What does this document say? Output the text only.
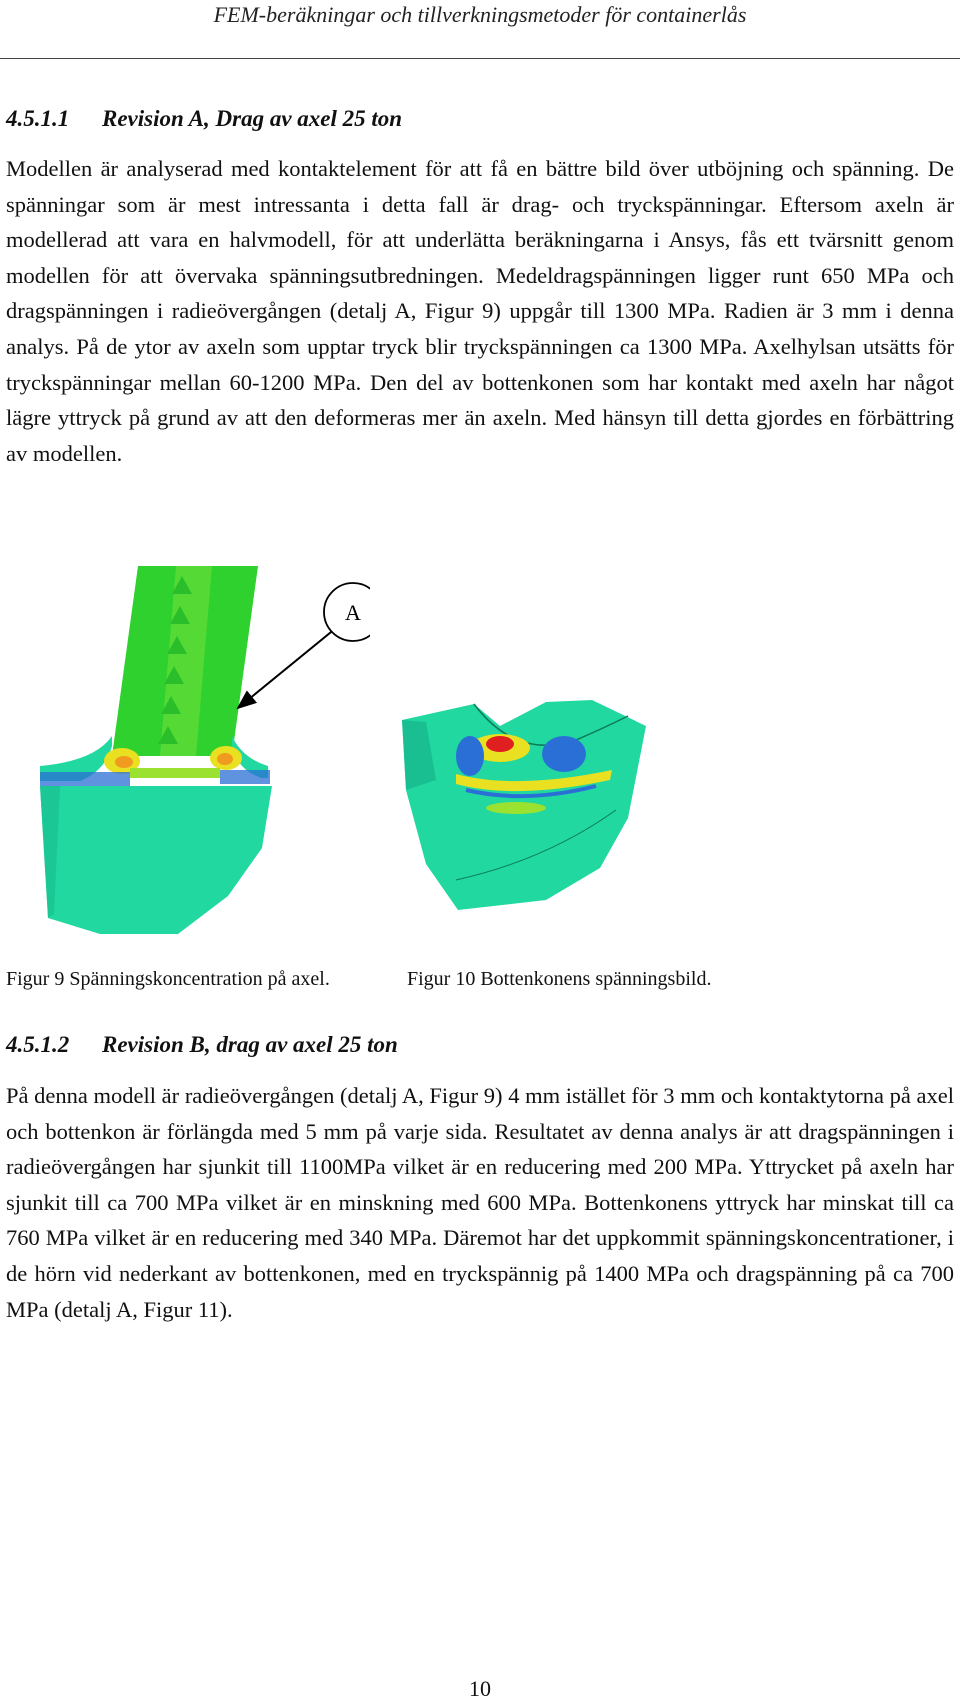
FEM-beräkningar och tillverkningsmetoder för containerlås
4.5.1.1 Revision A, Drag av axel 25 ton

Modellen är analyserad med kontaktelement för att få en bättre bild över utböjning och spänning. De spänningar som är mest intressanta i detta fall är drag- och tryckspänningar. Eftersom axeln är modellerad att vara en halvmodell, för att underlätta beräkningarna i Ansys, fås ett tvärsnitt genom modellen för att övervaka spänningsutbredningen. Medeldragspänningen ligger runt 650 MPa och dragspänningen i radieövergången (detalj A, Figur 9) uppgår till 1300 MPa. Radien är 3 mm i denna analys. På de ytor av axeln som upptar tryck blir tryckspänningen ca 1300 MPa. Axelhylsan utsätts för tryckspänningar mellan 60-1200 MPa. Den del av bottenkonen som har kontakt med axeln har något lägre yttryck på grund av att den deformeras mer än axeln. Med hänsyn till detta gjordes en förbättring av modellen.

A
Figur 9 Spänningskoncentration på axel.	Figur 10 Bottenkonens spänningsbild.
4.5.1.2 Revision B, drag av axel 25 ton

På denna modell är radieövergången (detalj A, Figur 9) 4 mm istället för 3 mm och kontaktytorna på axel och bottenkon är förlängda med 5 mm på varje sida. Resultatet av denna analys är att dragspänningen i radieövergången har sjunkit till 1100MPa vilket är en reducering med 200 MPa. Yttrycket på axeln har sjunkit till ca 700 MPa vilket är en minskning med 600 MPa. Bottenkonens yttryck har minskat till ca 760 MPa vilket är en reducering med 340 MPa. Däremot har det uppkommit spänningskoncentrationer, i de hörn vid nederkant av bottenkonen, med en tryckspännig på 1400 MPa och dragspänning på ca 700 MPa (detalj A, Figur 11).

10
